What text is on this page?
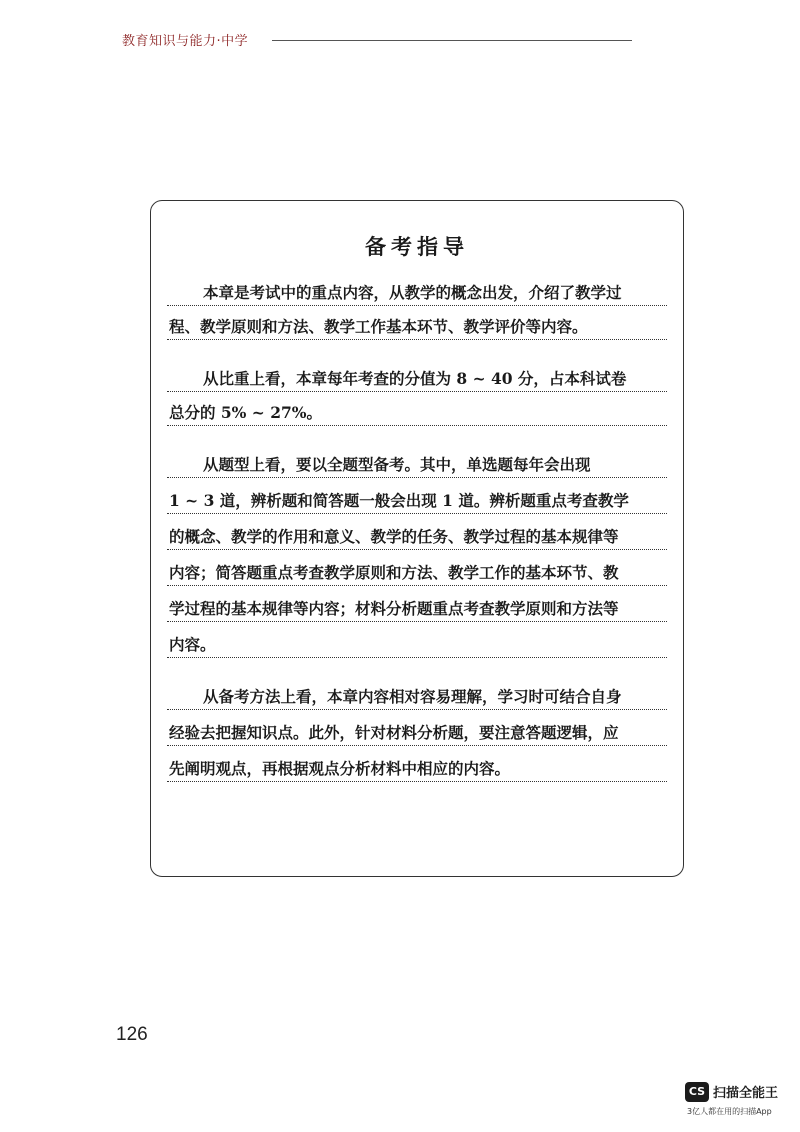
教育知识与能力·中学
备考指导
本章是考试中的重点内容，从教学的概念出发，介绍了教学过
程、教学原则和方法、教学工作基本环节、教学评价等内容。
从比重上看，本章每年考查的分值为 8 ~ 40 分，占本科试卷
总分的 5% ~ 27%。
从题型上看，要以全题型备考。其中，单选题每年会出现
1 ~ 3 道，辨析题和简答题一般会出现 1 道。辨析题重点考查教学
的概念、教学的作用和意义、教学的任务、教学过程的基本规律等
内容；简答题重点考查教学原则和方法、教学工作的基本环节、教
学过程的基本规律等内容；材料分析题重点考查教学原则和方法等
内容。
从备考方法上看，本章内容相对容易理解，学习时可结合自身
经验去把握知识点。此外，针对材料分析题，要注意答题逻辑，应
先阐明观点，再根据观点分析材料中相应的内容。
126
CS 扫描全能王
3亿人都在用的扫描App
